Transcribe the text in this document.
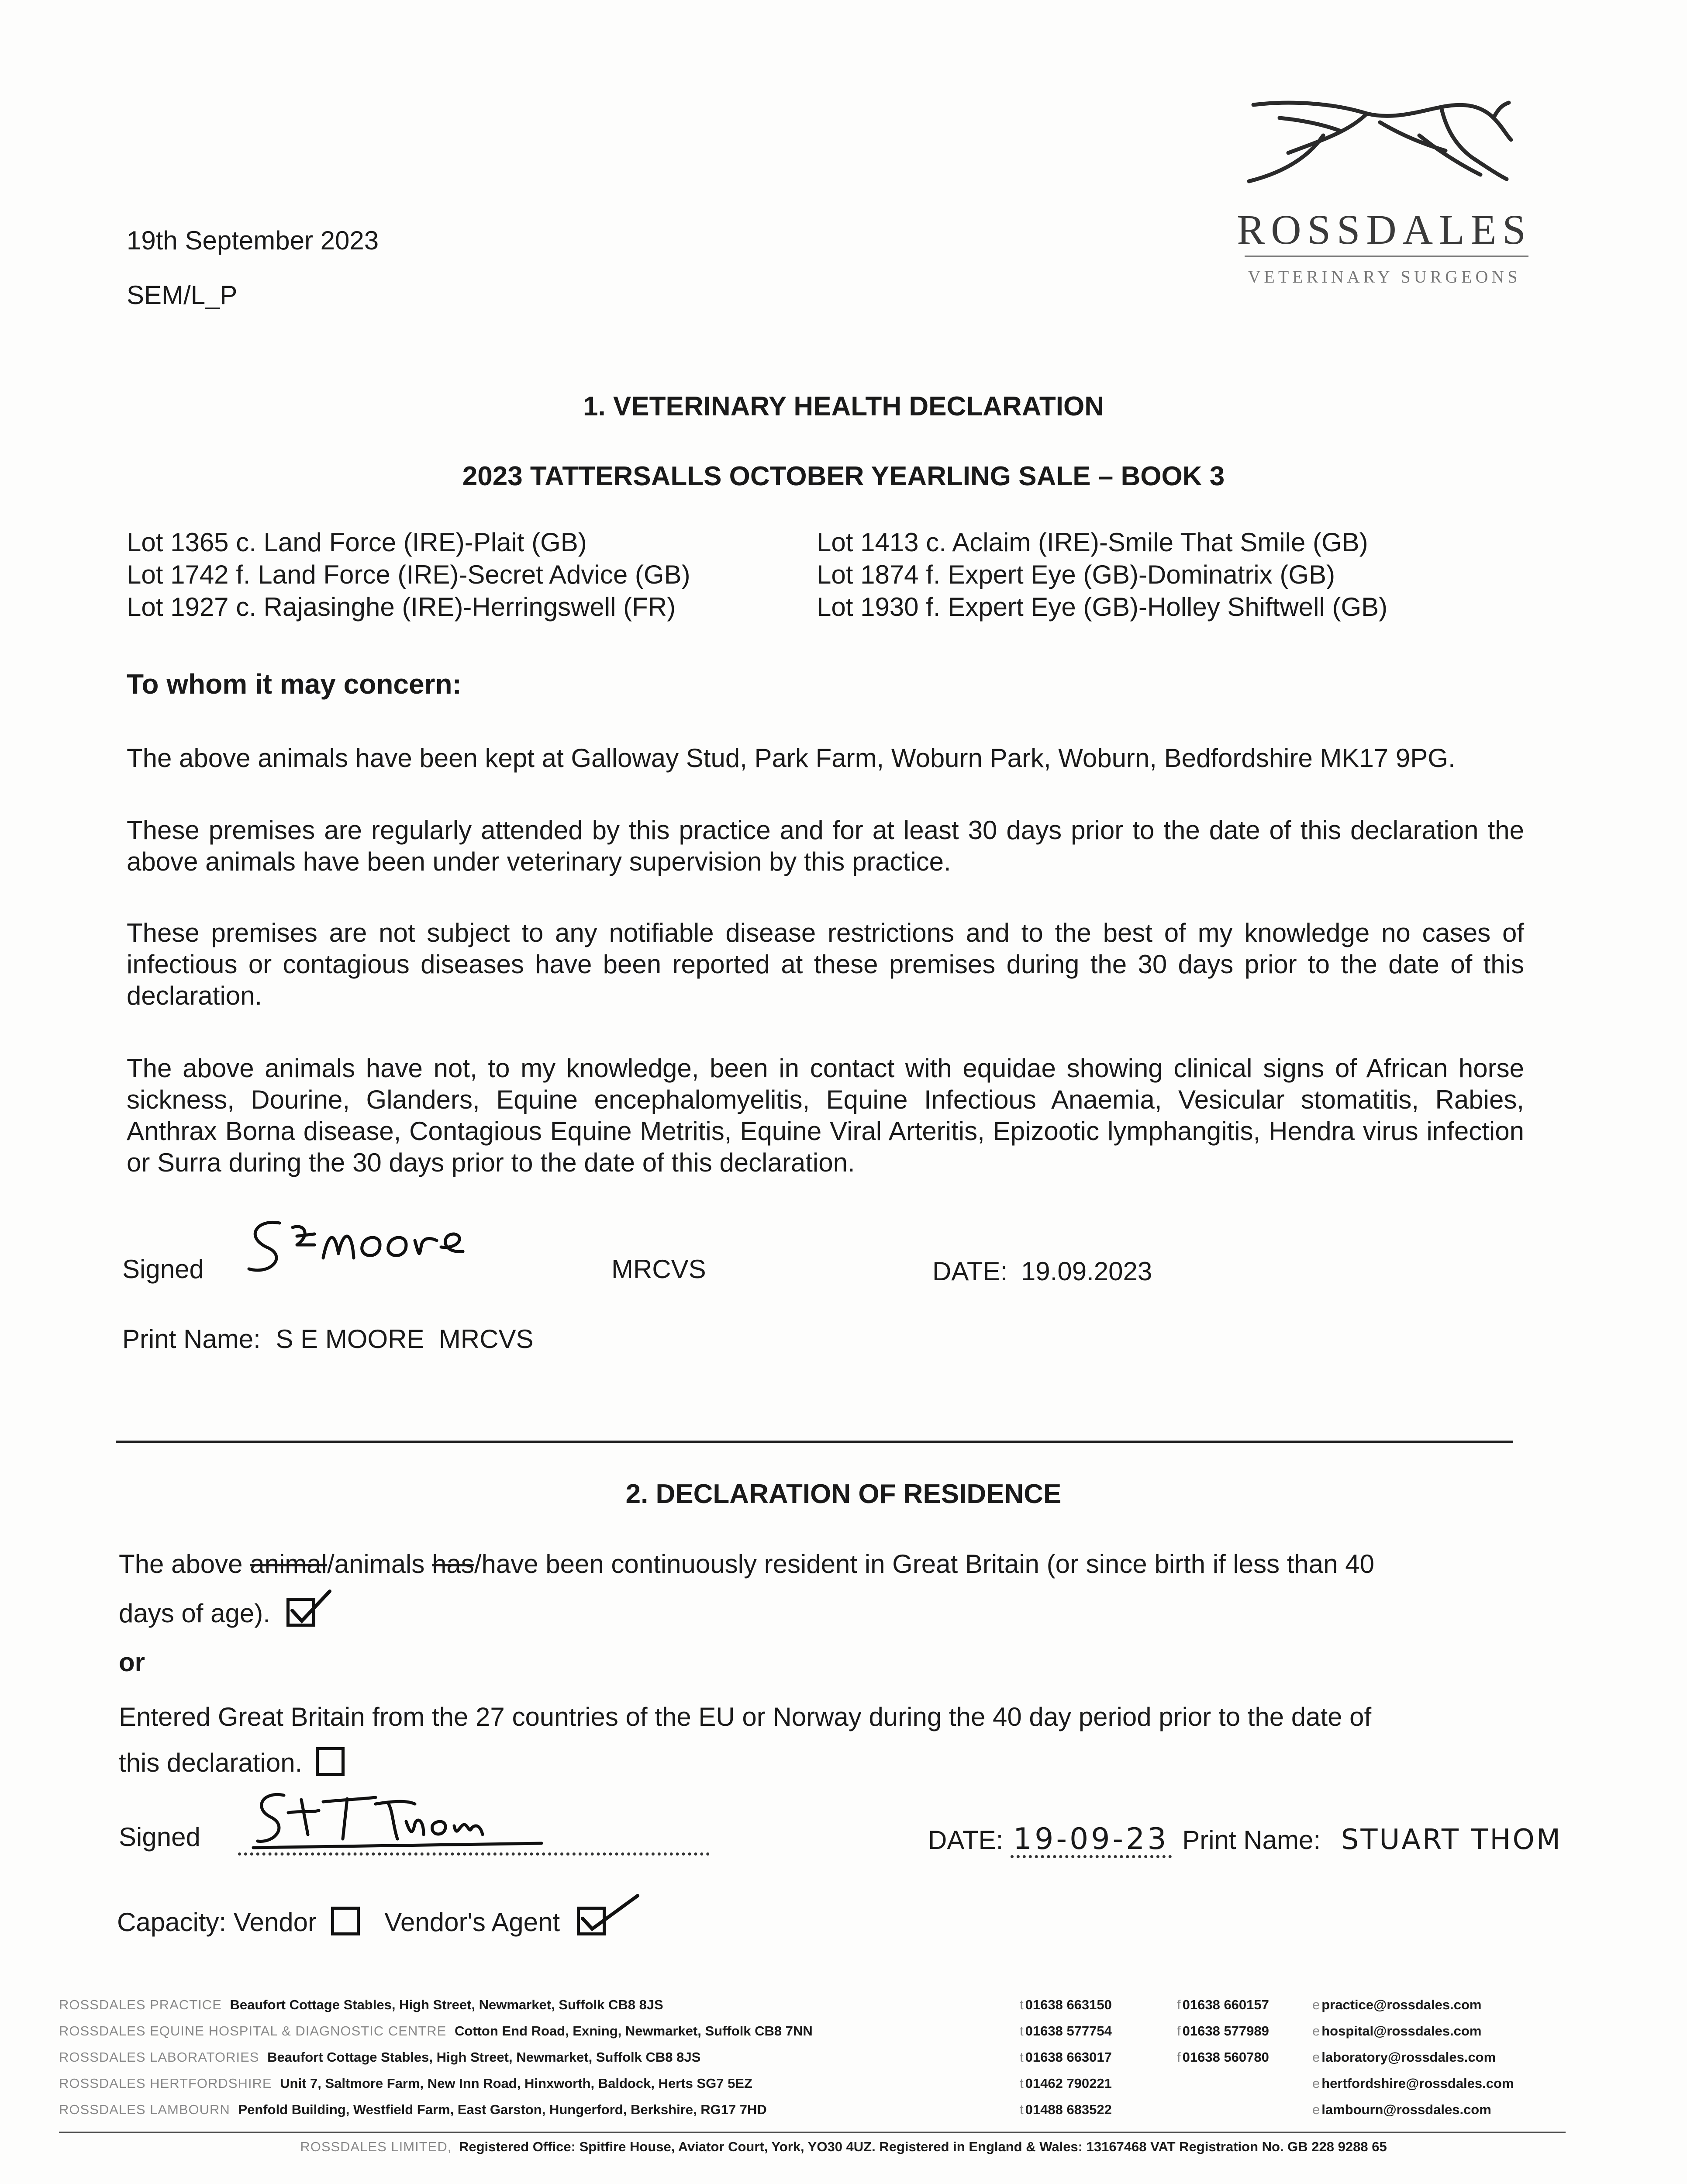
19th September 2023
SEM/L_P
ROSSDALES
VETERINARY SURGEONS
1. VETERINARY HEALTH DECLARATION
2023 TATTERSALLS OCTOBER YEARLING SALE – BOOK 3
Lot 1365 c. Land Force (IRE)-Plait (GB)	Lot 1413 c. Aclaim (IRE)-Smile That Smile (GB)
Lot 1742 f. Land Force (IRE)-Secret Advice (GB)	Lot 1874 f. Expert Eye (GB)-Dominatrix (GB)
Lot 1927 c. Rajasinghe (IRE)-Herringswell (FR)	Lot 1930 f. Expert Eye (GB)-Holley Shiftwell (GB)
To whom it may concern:
The above animals have been kept at Galloway Stud, Park Farm, Woburn Park, Woburn, Bedfordshire MK17 9PG.
These premises are regularly attended by this practice and for at least 30 days prior to the date of this declaration the above animals have been under veterinary supervision by this practice.
These premises are not subject to any notifiable disease restrictions and to the best of my knowledge no cases of infectious or contagious diseases have been reported at these premises during the 30 days prior to the date of this declaration.
The above animals have not, to my knowledge, been in contact with equidae showing clinical signs of African horse sickness, Dourine, Glanders, Equine encephalomyelitis, Equine Infectious Anaemia, Vesicular stomatitis, Rabies, Anthrax Borna disease, Contagious Equine Metritis, Equine Viral Arteritis, Epizootic lymphangitis, Hendra virus infection or Surra during the 30 days prior to the date of this declaration.
Signed	MRCVS	DATE: 19.09.2023
Print Name: S E MOORE  MRCVS
2. DECLARATION OF RESIDENCE
The above animal/animals has/have been continuously resident in Great Britain (or since birth if less than 40
days of age).
or
Entered Great Britain from the 27 countries of the EU or Norway during the 40 day period prior to the date of
this declaration.
Signed	DATE: 19-09-23 Print Name: STUART THOM
Capacity: Vendor	Vendor's Agent
ROSSDALES PRACTICE Beaufort Cottage Stables, High Street, Newmarket, Suffolk CB8 8JS	t 01638 663150	f 01638 660157	e practice@rossdales.com
ROSSDALES EQUINE HOSPITAL & DIAGNOSTIC CENTRE Cotton End Road, Exning, Newmarket, Suffolk CB8 7NN	t 01638 577754	f 01638 577989	e hospital@rossdales.com
ROSSDALES LABORATORIES Beaufort Cottage Stables, High Street, Newmarket, Suffolk CB8 8JS	t 01638 663017	f 01638 560780	e laboratory@rossdales.com
ROSSDALES HERTFORDSHIRE Unit 7, Saltmore Farm, New Inn Road, Hinxworth, Baldock, Herts SG7 5EZ	t 01462 790221	e hertfordshire@rossdales.com
ROSSDALES LAMBOURN Penfold Building, Westfield Farm, East Garston, Hungerford, Berkshire, RG17 7HD	t 01488 683522	e lambourn@rossdales.com
ROSSDALES LIMITED, Registered Office: Spitfire House, Aviator Court, York, YO30 4UZ. Registered in England & Wales: 13167468 VAT Registration No. GB 228 9288 65
